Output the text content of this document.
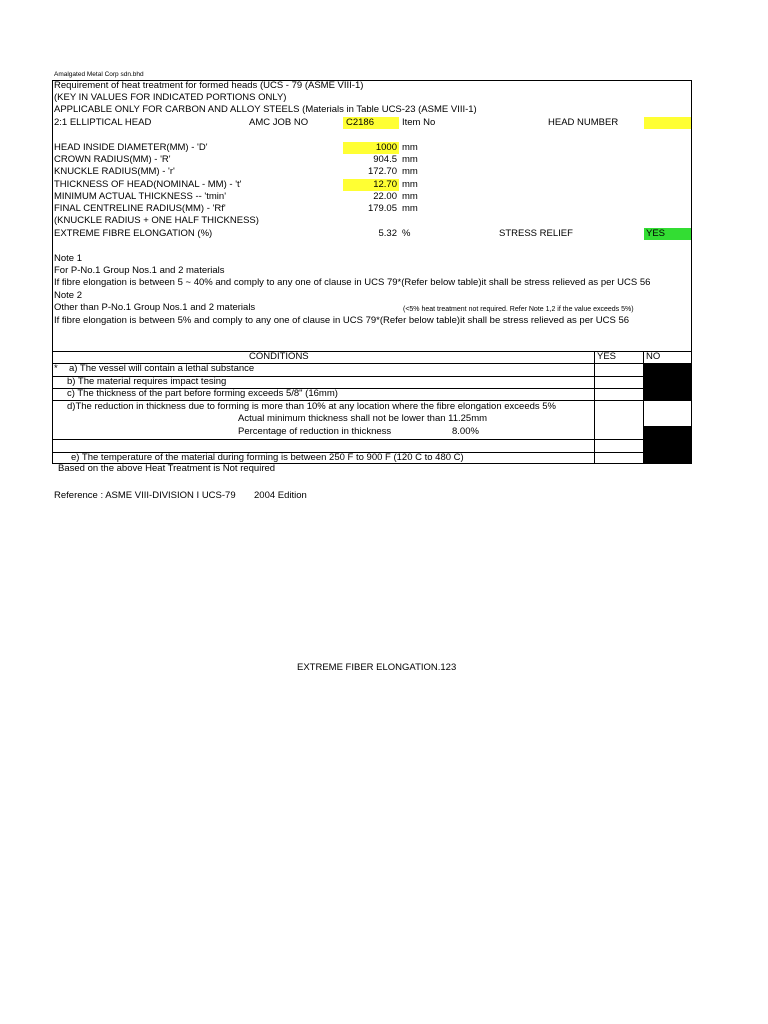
Amalgated Metal Corp sdn.bhd
Requirement of heat treatment for formed heads (UCS - 79 (ASME VIII-1)
(KEY IN VALUES FOR INDICATED PORTIONS ONLY)
APPLICABLE ONLY FOR CARBON AND ALLOY STEELS (Materials in Table UCS-23 (ASME VIII-1)
2:1 ELLIPTICAL HEAD	AMC JOB NO	C2186	Item No	HEAD NUMBER
HEAD INSIDE DIAMETER(MM) - 'D'	1000 mm
CROWN RADIUS(MM) - 'R'	904.5 mm
KNUCKLE RADIUS(MM) - 'r'	172.70 mm
THICKNESS OF HEAD(NOMINAL - MM) - 't'	12.70 mm
MINIMUM ACTUAL THICKNESS -- 'tmin'	22.00 mm
FINAL CENTRELINE RADIUS(MM) - 'Rf'	179.05 mm
(KNUCKLE RADIUS + ONE HALF THICKNESS)
EXTREME FIBRE ELONGATION (%)	5.32 %	STRESS RELIEF	YES
Note 1
For P-No.1 Group Nos.1 and 2 materials
If fibre elongation is between 5 ~ 40% and comply to any one of clause in UCS 79*(Refer below table)it shall be stress relieved as per UCS 56
Note 2
Other than P-No.1 Group Nos.1 and 2 materials	(<5% heat treatment not required. Refer Note 1,2 if the value exceeds 5%)
If fibre elongation is between 5% and comply to any one of clause in UCS 79*(Refer below table)it shall be stress relieved as per UCS 56
CONDITIONS	YES	NO
* a) The vessel will contain a lethal substance
b) The material requires impact tesing
c) The thickness of the part before forming exceeds 5/8" (16mm)
d)The reduction in thickness due to forming is more than 10% at any location where the fibre elongation exceeds 5%
Actual minimum thickness shall not be lower than 11.25mm
Percentage of reduction in thickness	8.00%
e) The temperature of the material during forming is between 250 F to 900 F (120 C to 480 C)
Based on the above Heat Treatment is Not required
Reference : ASME VIII-DIVISION I UCS-79 2004 Edition
EXTREME FIBER ELONGATION.123
